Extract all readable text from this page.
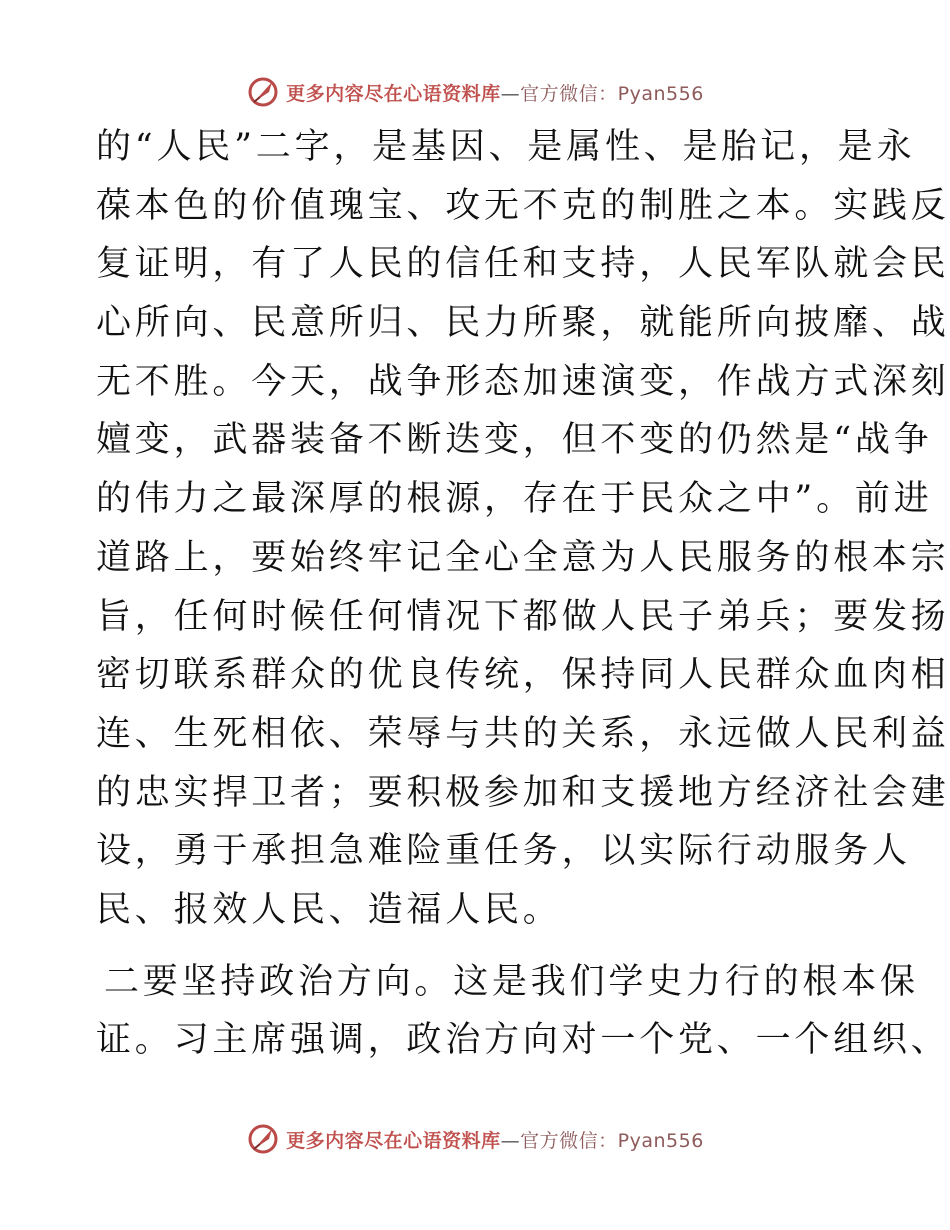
更多内容尽在心语资料库—官方微信：Pyan556
的“人民”二字，是基因、是属性、是胎记，是永
葆本色的价值瑰宝、攻无不克的制胜之本。实践反
复证明，有了人民的信任和支持，人民军队就会民
心所向、民意所归、民力所聚，就能所向披靡、战
无不胜。今天，战争形态加速演变，作战方式深刻
嬗变，武器装备不断迭变，但不变的仍然是“战争
的伟力之最深厚的根源，存在于民众之中”。前进
道路上，要始终牢记全心全意为人民服务的根本宗
旨，任何时候任何情况下都做人民子弟兵；要发扬
密切联系群众的优良传统，保持同人民群众血肉相
连、生死相依、荣辱与共的关系，永远做人民利益
的忠实捍卫者；要积极参加和支援地方经济社会建
设，勇于承担急难险重任务，以实际行动服务人
民、报效人民、造福人民。
二要坚持政治方向。这是我们学史力行的根本保
证。习主席强调，政治方向对一个党、一个组织、
更多内容尽在心语资料库—官方微信：Pyan556
